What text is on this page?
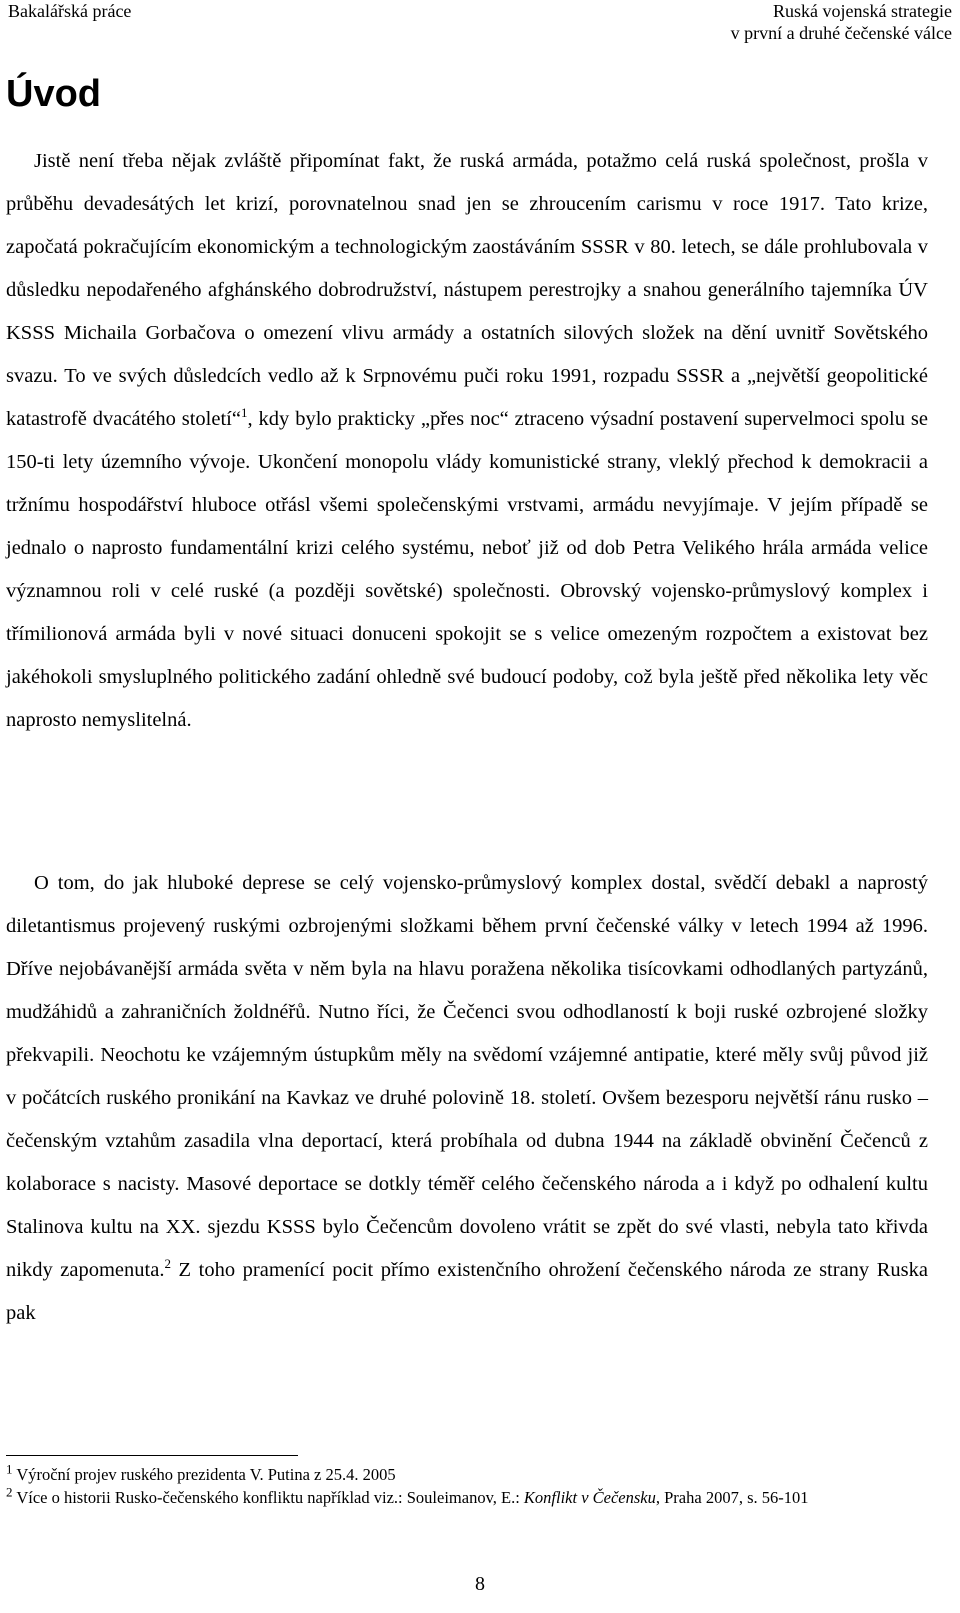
Bakalářská práce	Ruská vojenská strategie
v první a druhé čečenské válce
Úvod

Jistě není třeba nějak zvláště připomínat fakt, že ruská armáda, potažmo celá ruská společnost, prošla v průběhu devadesátých let krizí, porovnatelnou snad jen se zhroucením carismu v roce 1917. Tato krize, započatá pokračujícím ekonomickým a technologickým zaostáváním SSSR v 80. letech, se dále prohlubovala v důsledku nepodařeného afghánského dobrodružství, nástupem perestrojky a snahou generálního tajemníka ÚV KSSS Michaila Gorbačova o omezení vlivu armády a ostatních silových složek na dění uvnitř Sovětského svazu. To ve svých důsledcích vedlo až k Srpnovému puči roku 1991, rozpadu SSSR a „největší geopolitické katastrofě dvacátého století“$^1$, kdy bylo prakticky „přes noc“ ztraceno výsadní postavení supervelmoci spolu se 150-ti lety územního vývoje. Ukončení monopolu vlády komunistické strany, vleklý přechod k demokracii a tržnímu hospodářství hluboce otřásl všemi společenskými vrstvami, armádu nevyjímaje. V jejím případě se jednalo o naprosto fundamentální krizi celého systému, neboť již od dob Petra Velikého hrála armáda velice významnou roli v celé ruské (a později sovětské) společnosti. Obrovský vojensko-průmyslový komplex i třímilionová armáda byli v nové situaci donuceni spokojit se s velice omezeným rozpočtem a existovat bez jakéhokoli smysluplného politického zadání ohledně své budoucí podoby, což byla ještě před několika lety věc naprosto nemyslitelná.

O tom, do jak hluboké deprese se celý vojensko-průmyslový komplex dostal, svědčí debakl a naprostý diletantismus projevený ruskými ozbrojenými složkami během první čečenské války v letech 1994 až 1996. Dříve nejobávanější armáda světa v něm byla na hlavu poražena několika tisícovkami odhodlaných partyzánů, mudžáhidů a zahraničních žoldnéřů. Nutno říci, že Čečenci svou odhodlaností k boji ruské ozbrojené složky překvapili. Neochotu ke vzájemným ústupkům měly na svědomí vzájemné antipatie, které měly svůj původ již v počátcích ruského pronikání na Kavkaz ve druhé polovině 18. století. Ovšem bezesporu největší ránu rusko – čečenským vztahům zasadila vlna deportací, která probíhala od dubna 1944 na základě obvinění Čečenců z kolaborace s nacisty. Masové deportace se dotkly téměř celého čečenského národa a i když po odhalení kultu Stalinova kultu na XX. sjezdu KSSS bylo Čečencům dovoleno vrátit se zpět do své vlasti, nebyla tato křivda nikdy zapomenuta.$^2$ Z toho pramenící pocit přímo existenčního ohrožení čečenského národa ze strany Ruska pak

$^1$ Výroční projev ruského prezidenta V. Putina z 25.4. 2005

$^2$ Více o historii Rusko-čečenského konfliktu například viz.: Souleimanov, E.: Konflikt v Čečensku, Praha 2007, s. 56-101

8
